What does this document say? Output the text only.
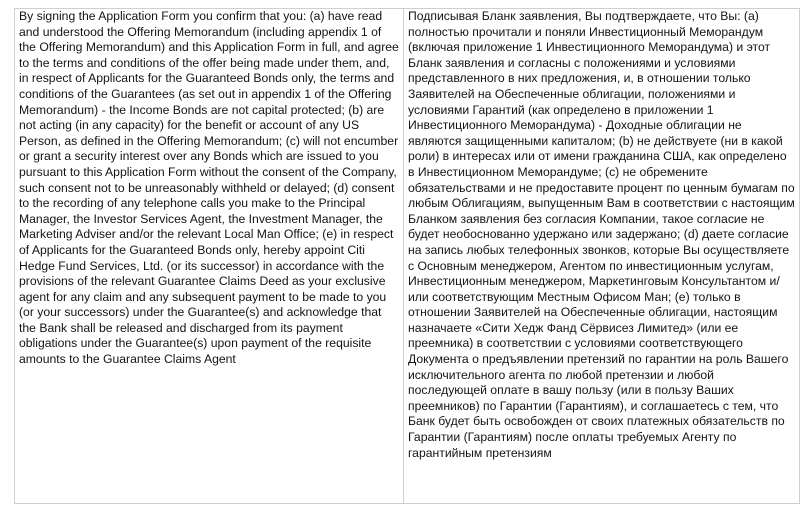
By signing the Application Form you confirm that you: (a) have read and understood the Offering Memorandum (including appendix 1 of the Offering Memorandum) and this Application Form in full, and agree to the terms and conditions of the offer being made under them, and, in respect of Applicants for the Guaranteed Bonds only, the terms and conditions of the Guarantees (as set out in appendix 1 of the Offering Memorandum) - the Income Bonds are not capital protected; (b) are not acting (in any capacity) for the benefit or account of any US Person, as defined in the Offering Memorandum; (c) will not encumber or grant a security interest over any Bonds which are issued to you pursuant to this Application Form without the consent of the Company, such consent not to be unreasonably withheld or delayed; (d) consent to the recording of any telephone calls you make to the Principal Manager, the Investor Services Agent, the Investment Manager, the Marketing Adviser and/or the relevant Local Man Office; (e) in respect of Applicants for the Guaranteed Bonds only, hereby appoint Citi Hedge Fund Services, Ltd. (or its successor) in accordance with the provisions of the relevant Guarantee Claims Deed as your exclusive agent for any claim and any subsequent payment to be made to you (or your successors) under the Guarantee(s) and acknowledge that the Bank shall be released and discharged from its payment obligations under the Guarantee(s) upon payment of the requisite amounts to the Guarantee Claims Agent	Подписывая Бланк заявления, Вы подтверждаете, что Вы: (a) полностью прочитали и поняли Инвестиционный Меморандум (включая приложение 1 Инвестиционного Меморандума) и этот Бланк заявления и согласны с положениями и условиями представленного в них предложения, и, в отношении только Заявителей на Обеспеченные облигации, положениями и условиями Гарантий (как определено в приложении 1 Инвестиционного Меморандума) - Доходные облигации не являются защищенными капиталом; (b) не действуете (ни в какой роли) в интересах или от имени гражданина США, как определено в Инвестиционном Меморандуме; (c) не обремените обязательствами и не предоставите процент по ценным бумагам по любым Облигациям, выпущенным Вам в соответствии с настоящим Бланком заявления без согласия Компании, такое согласие не будет необоснованно удержано или задержано; (d) даете согласие на запись любых телефонных звонков, которые Вы осуществляете с Основным менеджером, Агентом по инвестиционным услугам, Инвестиционным менеджером, Маркетинговым Консультантом и/или соответствующим Местным Офисом Ман; (e) только в отношении Заявителей на Обеспеченные облигации, настоящим назначаете «Сити Хедж Фанд Сёрвисез Лимитед» (или ее преемника) в соответствии с условиями соответствующего Документа о предъявлении претензий по гарантии на роль Вашего исключительного агента по любой претензии и любой последующей оплате в вашу пользу (или в пользу Ваших преемников) по Гарантии (Гарантиям), и соглашаетесь с тем, что Банк будет быть освобожден от своих платежных обязательств по Гарантии (Гарантиям) после оплаты требуемых Агенту по гарантийным претензиям
